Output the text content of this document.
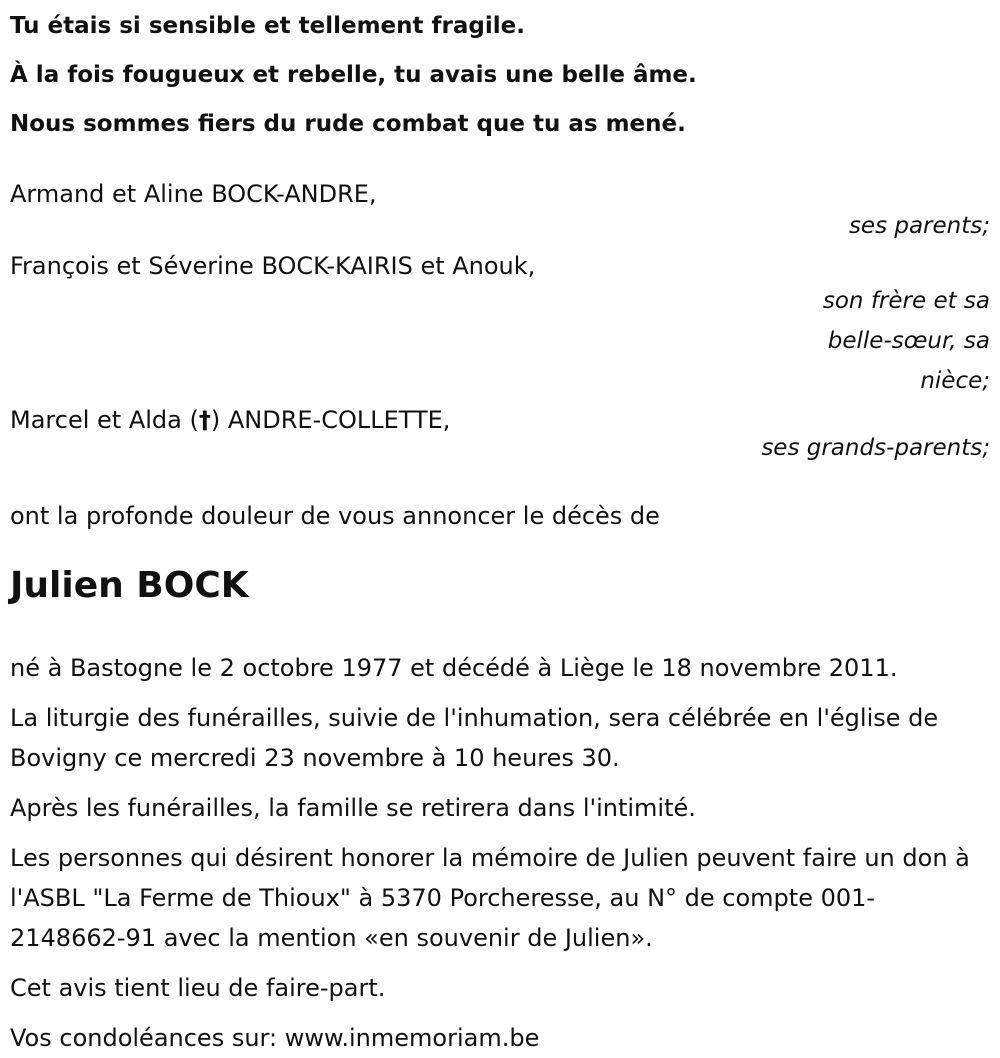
Tu étais si sensible et tellement fragile.

À la fois fougueux et rebelle, tu avais une belle âme.

Nous sommes fiers du rude combat que tu as mené.

Armand et Aline BOCK-ANDRE,

ses parents;

François et Séverine BOCK-KAIRIS et Anouk,

son frère et sa belle-sœur, sa nièce;

Marcel et Alda (†) ANDRE-COLLETTE,

ses grands-parents;

ont la profonde douleur de vous annoncer le décès de

Julien BOCK

né à Bastogne le 2 octobre 1977 et décédé à Liège le 18 novembre 2011.

La liturgie des funérailles, suivie de l'inhumation, sera célébrée en l'église de Bovigny ce mercredi 23 novembre à 10 heures 30.

Après les funérailles, la famille se retirera dans l'intimité.

Les personnes qui désirent honorer la mémoire de Julien peuvent faire un don à l'ASBL "La Ferme de Thioux" à 5370 Porcheresse, au N° de compte 001-2148662-91 avec la mention «en souvenir de Julien».

Cet avis tient lieu de faire-part.

Vos condoléances sur: www.inmemoriam.be
